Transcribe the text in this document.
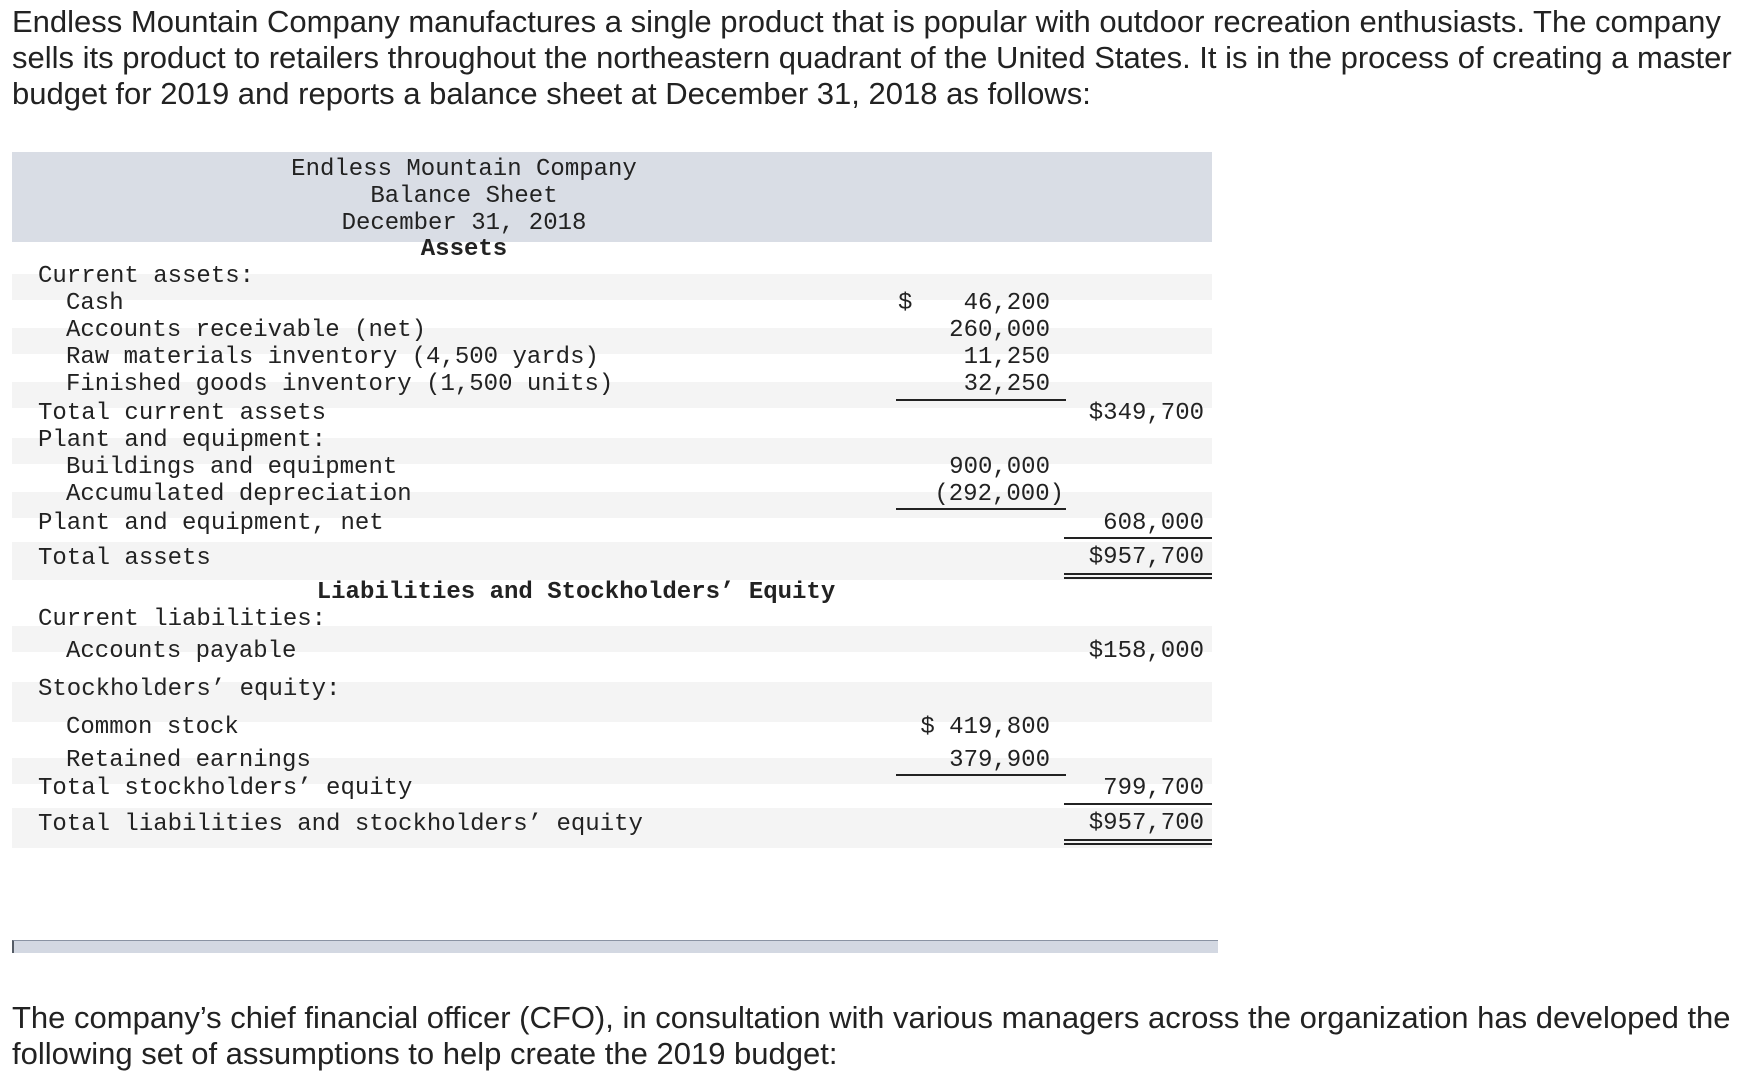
Endless Mountain Company manufactures a single product that is popular with outdoor recreation enthusiasts. The company sells its product to retailers throughout the northeastern quadrant of the United States. It is in the process of creating a master budget for 2019 and reports a balance sheet at December 31, 2018 as follows:
Endless Mountain Company
Balance Sheet
December 31, 2018
Assets
Current assets:
Cash	$	46,200
Accounts receivable (net)	260,000
Raw materials inventory (4,500 yards)	11,250
Finished goods inventory (1,500 units)	32,250
Total current assets	$349,700
Plant and equipment:
Buildings and equipment	900,000
Accumulated depreciation	(292,000)
Plant and equipment, net	608,000
Total assets	$957,700
Liabilities and Stockholders’ Equity
Current liabilities:
Accounts payable	$158,000
Stockholders’ equity:
Common stock	$ 419,800
Retained earnings	379,900
Total stockholders’ equity	799,700
Total liabilities and stockholders’ equity	$957,700
The company’s chief financial officer (CFO), in consultation with various managers across the organization has developed the following set of assumptions to help create the 2019 budget:
